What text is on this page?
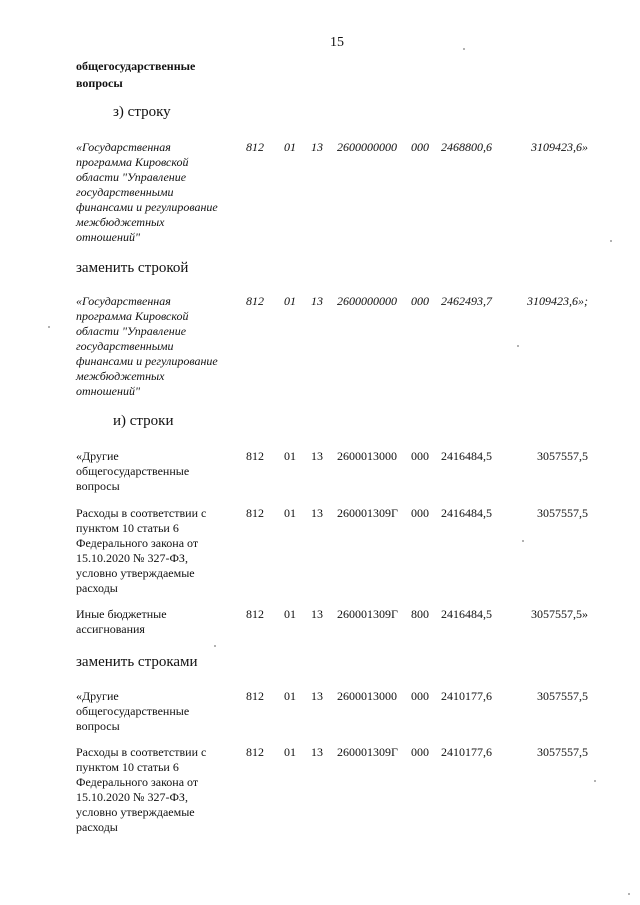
15
общегосударственные
вопросы
з) строку
«Государственная
программа Кировской
области "Управление
государственными
финансами и регулирование
межбюджетных
отношений"
812 01 13 2600000000 000 2468800,6	3109423,6»
заменить строкой
«Государственная
программа Кировской
области "Управление
государственными
финансами и регулирование
межбюджетных
отношений"
812 01 13 2600000000 000 2462493,7	3109423,6»;
и) строки
«Другие
общегосударственные
вопросы
812 01 13 2600013000 000 2416484,5	3057557,5
Расходы в соответствии с
пунктом 10 статьи 6
Федерального закона от
15.10.2020 № 327-ФЗ,
условно утверждаемые
расходы
812 01 13 260001309Г 000 2416484,5	3057557,5
Иные бюджетные
ассигнования
812 01 13 260001309Г 800 2416484,5	3057557,5»
заменить строками
«Другие
общегосударственные
вопросы
812 01 13 2600013000 000 2410177,6	3057557,5
Расходы в соответствии с
пунктом 10 статьи 6
Федерального закона от
15.10.2020 № 327-ФЗ,
условно утверждаемые
расходы
812 01 13 260001309Г 000 2410177,6	3057557,5
